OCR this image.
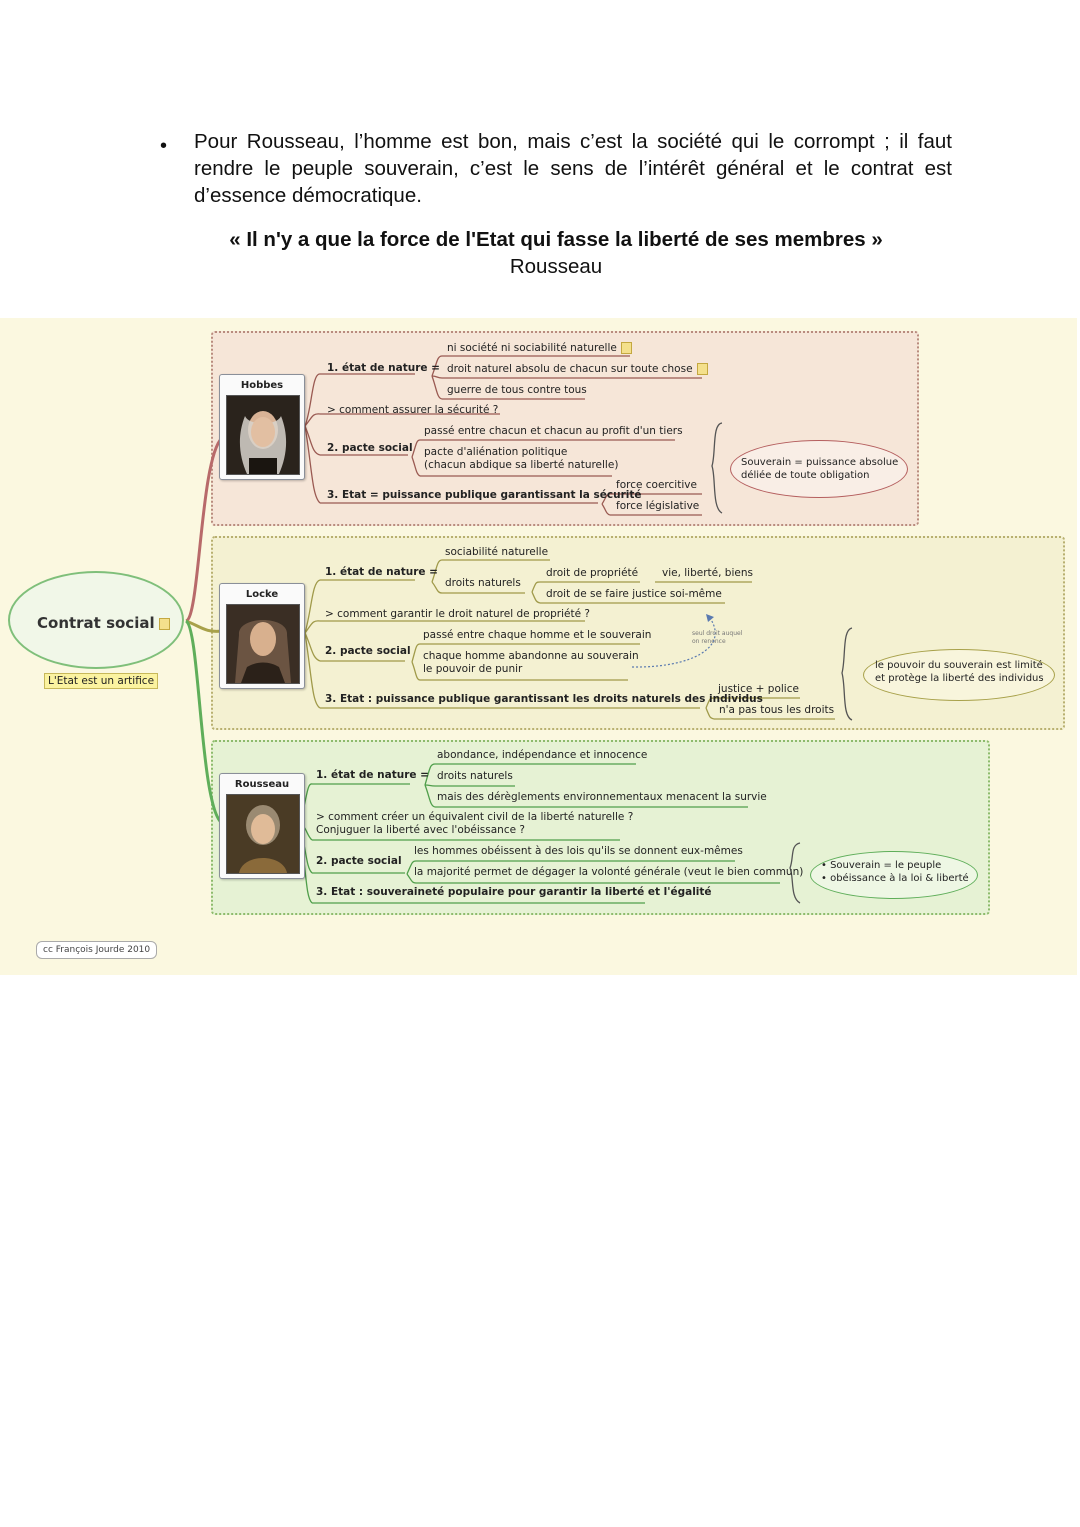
• Pour Rousseau, l’homme est bon, mais c’est la société qui le corrompt ; il faut rendre le peuple souverain, c’est le sens de l’intérêt général et le contrat est d’essence démocratique.
« Il n'y a que la force de l'Etat qui fasse la liberté de ses membres »
Rousseau
Contrat social
L'Etat est un artifice
Hobbes
1. état de nature =
ni société ni sociabilité naturelle
droit naturel absolu de chacun sur toute chose
guerre de tous contre tous
> comment assurer la sécurité ?
passé entre chacun et chacun au profit d'un tiers
2. pacte social pacte d'aliénation politique
(chacun abdique sa liberté naturelle)
force coercitive
3. Etat = puissance publique garantissant la sécurité
force législative
Souverain = puissance absolue
déliée de toute obligation
Locke
sociabilité naturelle
1. état de nature =	droit de propriété vie, liberté, biens
droits naturels
droit de se faire justice soi-même
> comment garantir le droit naturel de propriété ?
passé entre chaque homme et le souverain	seul droit auquel
on renonce
2. pacte social chaque homme abandonne au souverain
le pouvoir de punir
justice + police
3. Etat : puissance publique garantissant les droits naturels des individus
n'a pas tous les droits
le pouvoir du souverain est limité
et protège la liberté des individus
Rousseau
abondance, indépendance et innocence
1. état de nature = droits naturels
mais des dérèglements environnementaux menacent la survie
> comment créer un équivalent civil de la liberté naturelle ?
Conjuguer la liberté avec l'obéissance ?
les hommes obéissent à des lois qu'ils se donnent eux-mêmes
2. pacte social
la majorité permet de dégager la volonté générale (veut le bien commun)
3. Etat : souveraineté populaire pour garantir la liberté et l'égalité
• Souverain = le peuple
• obéissance à la loi & liberté
cc François Jourde 2010
